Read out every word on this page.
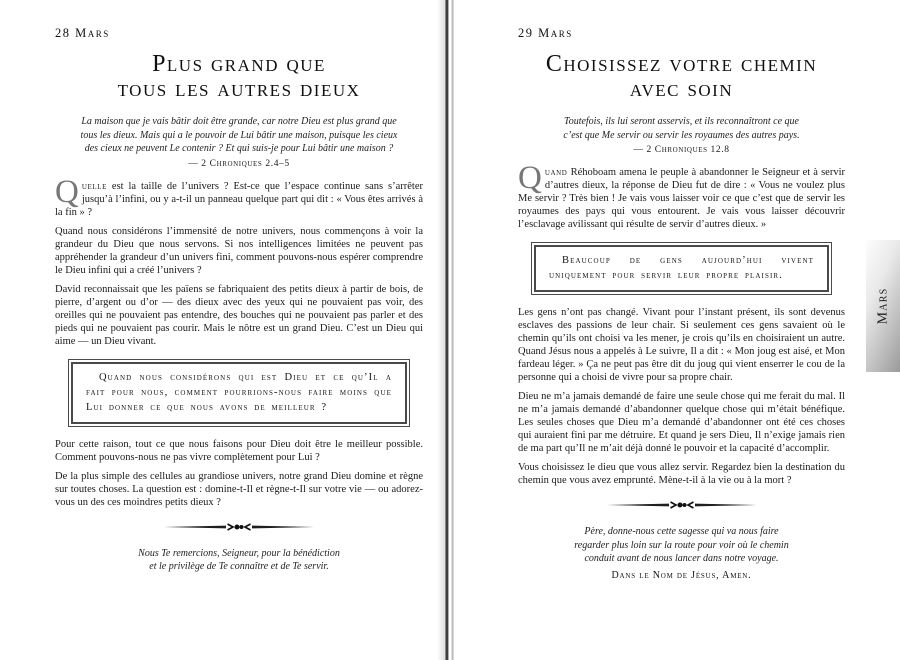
28 Mars
Plus grand que
tous les autres dieux
La maison que je vais bâtir doit être grande, car notre Dieu est plus grand que
tous les dieux. Mais qui a le pouvoir de Lui bâtir une maison, puisque les cieux
des cieux ne peuvent Le contenir ? Et qui suis-je pour Lui bâtir une maison ?
— 2 Chroniques 2.4–5

Quelle est la taille de l’univers ? Est-ce que l’espace continue sans s’arrêter jusqu’à l’infini, ou y a-t-il un panneau quelque part qui dit : « Vous êtes arrivés à la fin » ?

Quand nous considérons l’immensité de notre univers, nous commençons à voir la grandeur du Dieu que nous servons. Si nos intelligences limitées ne peuvent pas appréhender la grandeur d’un univers fini, comment pouvons-nous espérer comprendre le Dieu infini qui a créé l’univers ?

David reconnaissait que les païens se fabriquaient des petits dieux à partir de bois, de pierre, d’argent ou d’or — des dieux avec des yeux qui ne pouvaient pas voir, des oreilles qui ne pouvaient pas entendre, des bouches qui ne pouvaient pas parler et des pieds qui ne pouvaient pas courir. Mais le nôtre est un grand Dieu. C’est un Dieu qui aime — un Dieu vivant.

Quand nous considérons qui est Dieu et ce qu’Il a fait pour nous, comment pourrions-nous faire moins que Lui donner ce que nous avons de meilleur ?

Pour cette raison, tout ce que nous faisons pour Dieu doit être le meilleur possible. Comment pouvons-nous ne pas vivre complètement pour Lui ?

De la plus simple des cellules au grandiose univers, notre grand Dieu domine et règne sur toutes choses. La question est : domine-t-Il et règne-t-Il sur votre vie — ou adorez-vous un des ces moindres petits dieux ?

Nous Te remercions, Seigneur, pour la bénédiction
et le privilège de Te connaître et de Te servir.
29 Mars
Choisissez votre chemin
avec soin
Toutefois, ils lui seront asservis, et ils reconnaîtront ce que
c’est que Me servir ou servir les royaumes des autres pays.
— 2 Chroniques 12.8

Quand Réhoboam amena le peuple à abandonner le Seigneur et à servir d’autres dieux, la réponse de Dieu fut de dire : « Vous ne voulez plus Me servir ? Très bien ! Je vais vous laisser voir ce que c’est que de servir les royaumes des pays qui vous entourent. Je vais vous laisser découvrir l’esclavage avilissant qui résulte de servir d’autres dieux. »

Beaucoup de gens aujourd’hui vivent uniquement pour servir leur propre plaisir.

Les gens n’ont pas changé. Vivant pour l’instant présent, ils sont devenus esclaves des passions de leur chair. Si seulement ces gens savaient où le chemin qu’ils ont choisi va les mener, je crois qu’ils en choisiraient un autre. Quand Jésus nous a appelés à Le suivre, Il a dit : « Mon joug est aisé, et Mon fardeau léger. » Ça ne peut pas être dit du joug qui vient enserrer le cou de la personne qui a choisi de vivre pour sa propre chair.

Dieu ne m’a jamais demandé de faire une seule chose qui me ferait du mal. Il ne m’a jamais demandé d’abandonner quelque chose qui m’était bénéfique. Les seules choses que Dieu m’a demandé d’abandonner ont été ces choses qui auraient fini par me détruire. Et quand je sers Dieu, Il n’exige jamais rien de ma part qu’Il ne m’ait déjà donné le pouvoir et la capacité d’accomplir.

Vous choisissez le dieu que vous allez servir. Regardez bien la destination du chemin que vous avez emprunté. Mène-t-il à la vie ou à la mort ?

Père, donne-nous cette sagesse qui va nous faire
regarder plus loin sur la route pour voir où le chemin
conduit avant de nous lancer dans notre voyage.
Dans le Nom de Jésus, Amen.
Mars
